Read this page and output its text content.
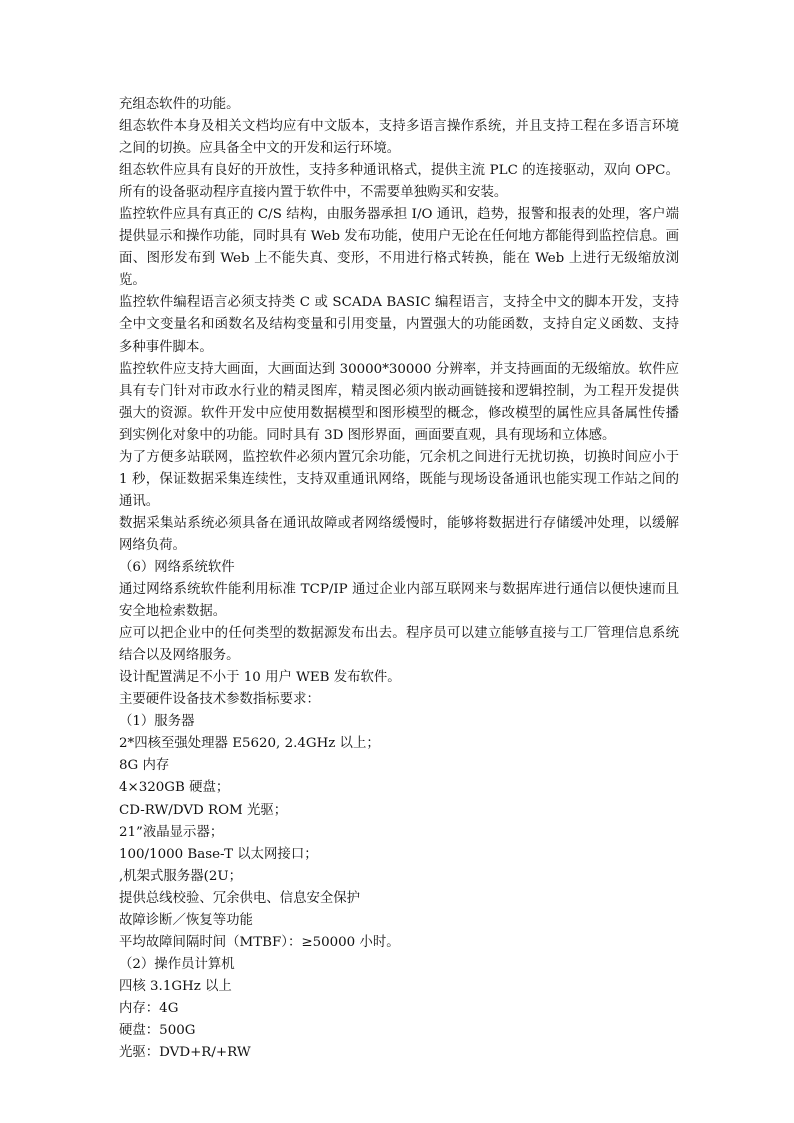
充组态软件的功能。

组态软件本身及相关文档均应有中文版本，支持多语言操作系统，并且支持工程在多语言环境之间的切换。应具备全中文的开发和运行环境。

组态软件应具有良好的开放性，支持多种通讯格式，提供主流 PLC 的连接驱动，双向 OPC。所有的设备驱动程序直接内置于软件中，不需要单独购买和安装。

监控软件应具有真正的 C/S 结构，由服务器承担 I/O 通讯，趋势，报警和报表的处理，客户端提供显示和操作功能，同时具有 Web 发布功能，使用户无论在任何地方都能得到监控信息。画面、图形发布到 Web 上不能失真、变形，不用进行格式转换，能在 Web 上进行无级缩放浏览。

监控软件编程语言必须支持类 C 或 SCADA BASIC 编程语言，支持全中文的脚本开发，支持全中文变量名和函数名及结构变量和引用变量，内置强大的功能函数，支持自定义函数、支持多种事件脚本。

监控软件应支持大画面，大画面达到 30000*30000 分辨率，并支持画面的无级缩放。软件应具有专门针对市政水行业的精灵图库，精灵图必须内嵌动画链接和逻辑控制，为工程开发提供强大的资源。软件开发中应使用数据模型和图形模型的概念，修改模型的属性应具备属性传播到实例化对象中的功能。同时具有 3D 图形界面，画面要直观，具有现场和立体感。

为了方便多站联网，监控软件必须内置冗余功能，冗余机之间进行无扰切换，切换时间应小于 1 秒，保证数据采集连续性，支持双重通讯网络，既能与现场设备通讯也能实现工作站之间的通讯。

数据采集站系统必须具备在通讯故障或者网络缓慢时，能够将数据进行存储缓冲处理，以缓解网络负荷。

（6）网络系统软件

通过网络系统软件能利用标准 TCP/IP 通过企业内部互联网来与数据库进行通信以便快速而且安全地检索数据。

应可以把企业中的任何类型的数据源发布出去。程序员可以建立能够直接与工厂管理信息系统结合以及网络服务。

设计配置满足不小于 10 用户 WEB 发布软件。

主要硬件设备技术参数指标要求：

（1）服务器

2*四核至强处理器 E5620, 2.4GHz 以上；

8G 内存

4×320GB 硬盘；

CD-RW/DVD ROM 光驱；

21”液晶显示器；

100/1000 Base-T 以太网接口；

,机架式服务器(2U；

提供总线校验、冗余供电、信息安全保护

故障诊断／恢复等功能

平均故障间隔时间（MTBF）：≥50000 小时。

（2）操作员计算机

四核 3.1GHz 以上

内存：4G

硬盘：500G

光驱：DVD+R/+RW
